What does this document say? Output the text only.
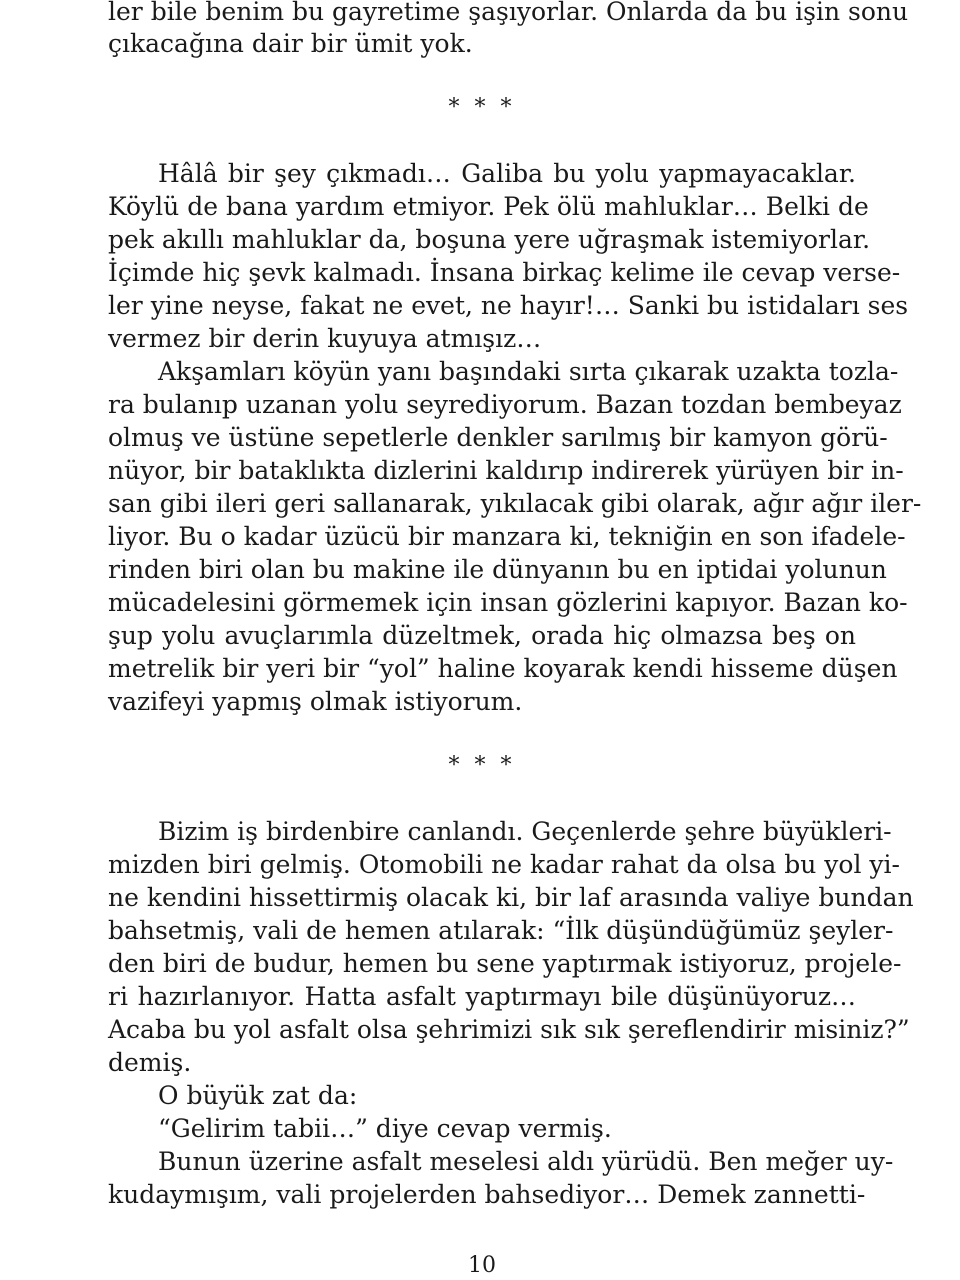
ler bile benim bu gayretime şaşıyorlar. Onlarda da bu işin sonu
çıkacağına dair bir ümit yok.
* * *
Hâlâ bir şey çıkmadı… Galiba bu yolu yapmayacaklar.
Köylü de bana yardım etmiyor. Pek ölü mahluklar… Belki de
pek akıllı mahluklar da, boşuna yere uğraşmak istemiyorlar.
İçimde hiç şevk kalmadı. İnsana birkaç kelime ile cevap verse-
ler yine neyse, fakat ne evet, ne hayır!… Sanki bu istidaları ses
vermez bir derin kuyuya atmışız…
Akşamları köyün yanı başındaki sırta çıkarak uzakta tozla-
ra bulanıp uzanan yolu seyrediyorum. Bazan tozdan bembeyaz
olmuş ve üstüne sepetlerle denkler sarılmış bir kamyon görü-
nüyor, bir bataklıkta dizlerini kaldırıp indirerek yürüyen bir in-
san gibi ileri geri sallanarak, yıkılacak gibi olarak, ağır ağır iler-
liyor. Bu o kadar üzücü bir manzara ki, tekniğin en son ifadele-
rinden biri olan bu makine ile dünyanın bu en iptidai yolunun
mücadelesini görmemek için insan gözlerini kapıyor. Bazan ko-
şup yolu avuçlarımla düzeltmek, orada hiç olmazsa beş on
metrelik bir yeri bir “yol” haline koyarak kendi hisseme düşen
vazifeyi yapmış olmak istiyorum.
* * *
Bizim iş birdenbire canlandı. Geçenlerde şehre büyükleri-
mizden biri gelmiş. Otomobili ne kadar rahat da olsa bu yol yi-
ne kendini hissettirmiş olacak ki, bir laf arasında valiye bundan
bahsetmiş, vali de hemen atılarak: “İlk düşündüğümüz şeyler-
den biri de budur, hemen bu sene yaptırmak istiyoruz, projele-
ri hazırlanıyor. Hatta asfalt yaptırmayı bile düşünüyoruz…
Acaba bu yol asfalt olsa şehrimizi sık sık şereflendirir misiniz?”
demiş.
O büyük zat da:
“Gelirim tabii…” diye cevap vermiş.
Bunun üzerine asfalt meselesi aldı yürüdü. Ben meğer uy-
kudaymışım, vali projelerden bahsediyor… Demek zannetti-
10
